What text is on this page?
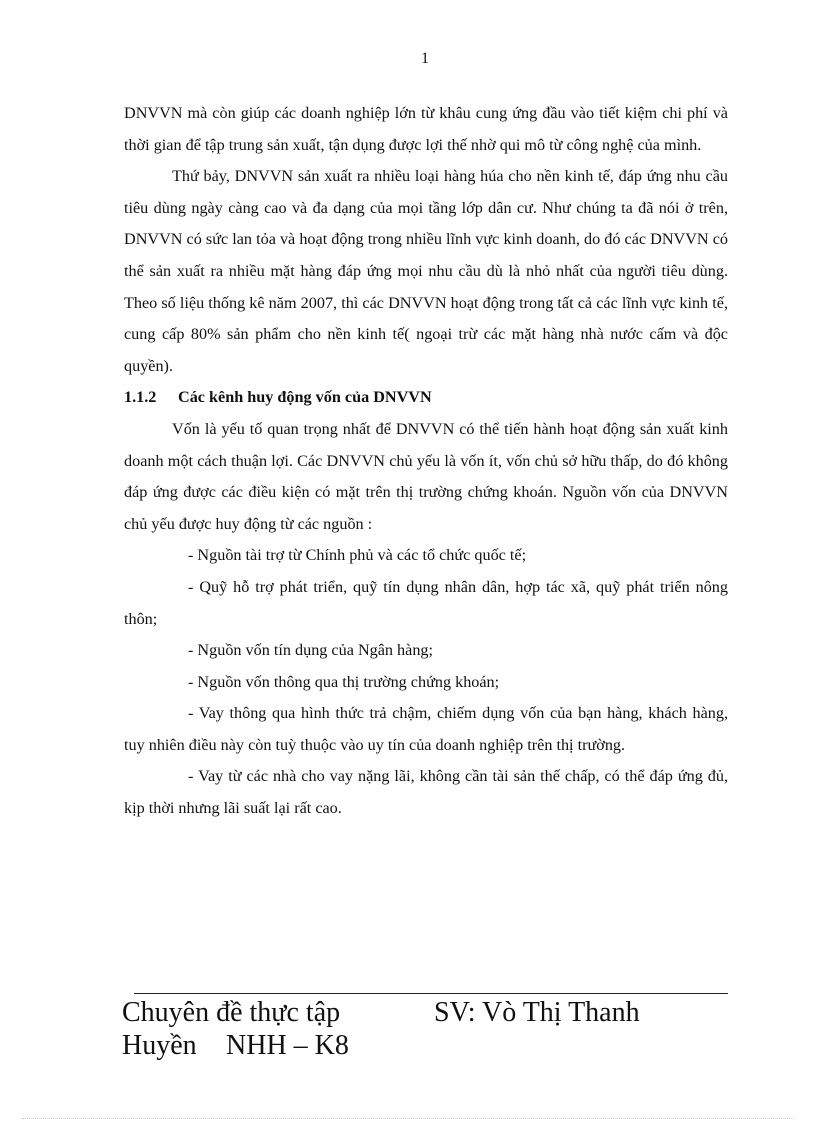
1

DNVVN mà còn giúp các doanh nghiệp lớn từ khâu cung ứng đầu vào tiết kiệm chi phí và thời gian để tập trung sản xuất, tận dụng được lợi thế nhờ qui mô từ công nghệ của mình.

Thứ bảy, DNVVN sản xuất ra nhiều loại hàng húa cho nền kinh tế, đáp ứng nhu cầu tiêu dùng ngày càng cao và đa dạng của mọi tầng lớp dân cư. Như chúng ta đã nói ở trên, DNVVN có sức lan tỏa và hoạt động trong nhiều lĩnh vực kinh doanh, do đó các DNVVN có thể sản xuất ra nhiều mặt hàng đáp ứng mọi nhu cầu dù là nhỏ nhất của người tiêu dùng. Theo số liệu thống kê năm 2007, thì các DNVVN hoạt động trong tất cả các lĩnh vực kinh tế, cung cấp 80% sản phẩm cho nền kinh tế( ngoại trừ các mặt hàng nhà nước cấm và độc quyền).

1.1.2 Các kênh huy động vốn của DNVVN

Vốn là yếu tố quan trọng nhất để DNVVN có thể tiến hành hoạt động sản xuất kinh doanh một cách thuận lợi. Các DNVVN chủ yếu là vốn ít, vốn chủ sở hữu thấp, do đó không đáp ứng được các điều kiện có mặt trên thị trường chứng khoán. Nguồn vốn của DNVVN chủ yếu được huy động từ các nguồn :

- Nguồn tài trợ từ Chính phủ và các tổ chức quốc tế;

- Quỹ hỗ trợ phát triển, quỹ tín dụng nhân dân, hợp tác xã, quỹ phát triển nông thôn;

- Nguồn vốn tín dụng của Ngân hàng;

- Nguồn vốn thông qua thị trường chứng khoán;

- Vay thông qua hình thức trả chậm, chiếm dụng vốn của bạn hàng, khách hàng, tuy nhiên điều này còn tuỳ thuộc vào uy tín của doanh nghiệp trên thị trường.

- Vay từ các nhà cho vay nặng lãi, không cần tài sản thế chấp, có thể đáp ứng đủ, kịp thời nhưng lãi suất lại rất cao.

Chuyên đề thực tập	SV: Vò Thị Thanh
Huyền NHH – K8
